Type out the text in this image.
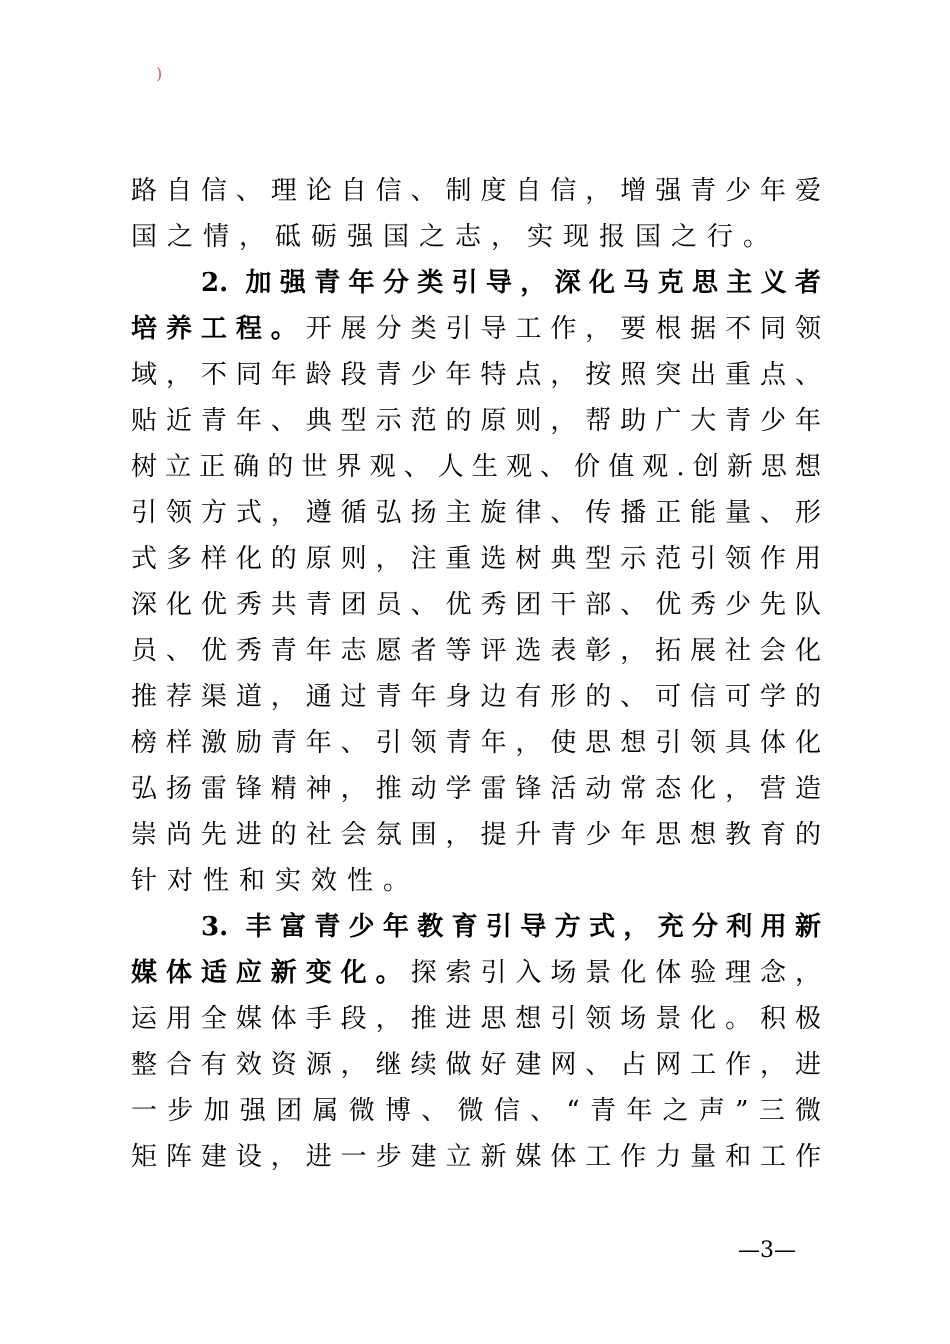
)
路自信、理论自信、制度自信，增强青少年爱
国之情，砥砺强国之志，实现报国之行。
2. 加强青年分类引导，深化马克思主义者
培养工程。开展分类引导工作，要根据不同领
域，不同年龄段青少年特点，按照突出重点、
贴近青年、典型示范的原则，帮助广大青少年
树立正确的世界观、人生观、价值观.创新思想
引领方式，遵循弘扬主旋律、传播正能量、形
式多样化的原则，注重选树典型示范引领作用
深化优秀共青团员、优秀团干部、优秀少先队
员、优秀青年志愿者等评选表彰，拓展社会化
推荐渠道，通过青年身边有形的、可信可学的
榜样激励青年、引领青年，使思想引领具体化
弘扬雷锋精神，推动学雷锋活动常态化，营造
崇尚先进的社会氛围，提升青少年思想教育的
针对性和实效性。
3. 丰富青少年教育引导方式，充分利用新
媒体适应新变化。探索引入场景化体验理念，
运用全媒体手段，推进思想引领场景化。积极
整合有效资源，继续做好建网、占网工作，进
一步加强团属微博、微信、“青年之声”三微
矩阵建设，进一步建立新媒体工作力量和工作
—3—
